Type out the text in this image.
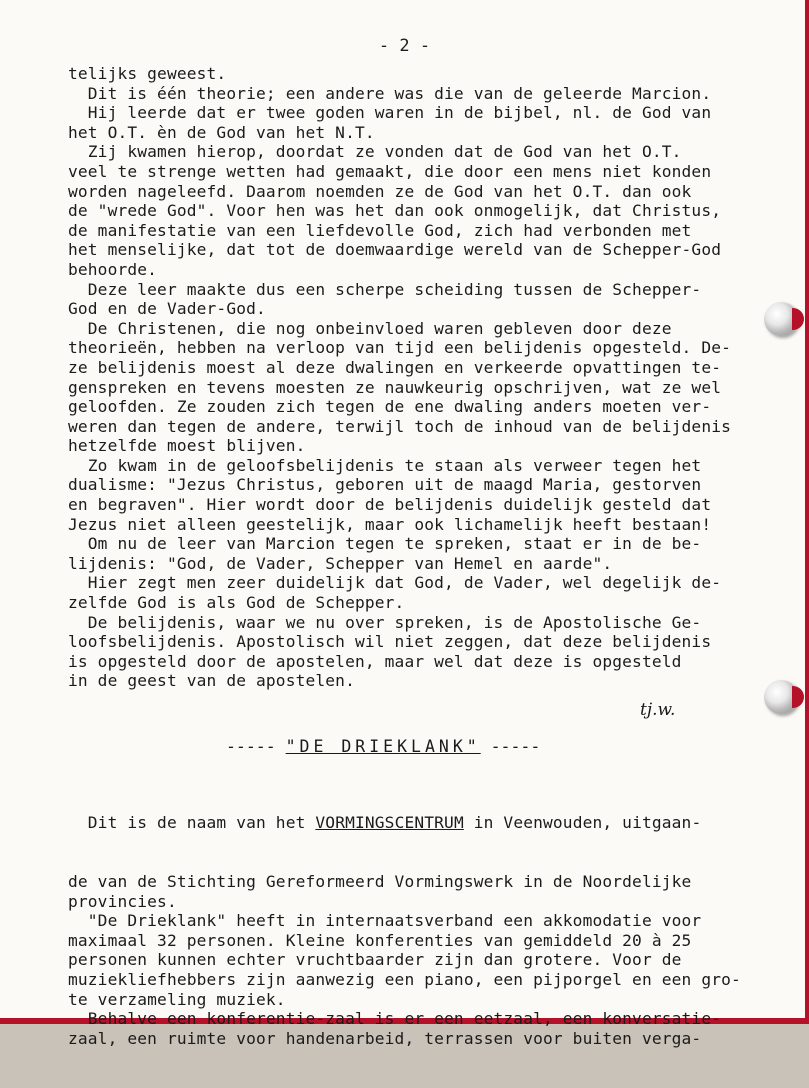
- 2 -
telijks geweest.
Dit is één theorie; een andere was die van de geleerde Marcion.
Hij leerde dat er twee goden waren in de bijbel, nl. de God van
het O.T. èn de God van het N.T.
Zij kwamen hierop, doordat ze vonden dat de God van het O.T.
veel te strenge wetten had gemaakt, die door een mens niet konden
worden nageleefd. Daarom noemden ze de God van het O.T. dan ook
de "wrede God". Voor hen was het dan ook onmogelijk, dat Christus,
de manifestatie van een liefdevolle God, zich had verbonden met
het menselijke, dat tot de doemwaardige wereld van de Schepper-God
behoorde.
Deze leer maakte dus een scherpe scheiding tussen de Schepper-
God en de Vader-God.
De Christenen, die nog onbeinvloed waren gebleven door deze
theorieën, hebben na verloop van tijd een belijdenis opgesteld. De-
ze belijdenis moest al deze dwalingen en verkeerde opvattingen te-
genspreken en tevens moesten ze nauwkeurig opschrijven, wat ze wel
geloofden. Ze zouden zich tegen de ene dwaling anders moeten ver-
weren dan tegen de andere, terwijl toch de inhoud van de belijdenis
hetzelfde moest blijven.
Zo kwam in de geloofsbelijdenis te staan als verweer tegen het
dualisme: "Jezus Christus, geboren uit de maagd Maria, gestorven
en begraven". Hier wordt door de belijdenis duidelijk gesteld dat
Jezus niet alleen geestelijk, maar ook lichamelijk heeft bestaan!
Om nu de leer van Marcion tegen te spreken, staat er in de be-
lijdenis: "God, de Vader, Schepper van Hemel en aarde".
Hier zegt men zeer duidelijk dat God, de Vader, wel degelijk de-
zelfde God is als God de Schepper.
De belijdenis, waar we nu over spreken, is de Apostolische Ge-
loofsbelijdenis. Apostolisch wil niet zeggen, dat deze belijdenis
is opgesteld door de apostelen, maar wel dat deze is opgesteld
in de geest van de apostelen.
tj.w.
----- "DE DRIEKLANK" -----

Dit is de naam van het VORMINGSCENTRUM in Veenwouden, uitgaan-

de van de Stichting Gereformeerd Vormingswerk in de Noordelijke
provincies.
"De Drieklank" heeft in internaatsverband een akkomodatie voor
maximaal 32 personen. Kleine konferenties van gemiddeld 20 à 25
personen kunnen echter vruchtbaarder zijn dan grotere. Voor de
muziekliefhebbers zijn aanwezig een piano, een pijporgel en een gro-
te verzameling muziek.
Behalve een konferentie-zaal is er een eetzaal, een konversatie-
zaal, een ruimte voor handenarbeid, terrassen voor buiten verga-
